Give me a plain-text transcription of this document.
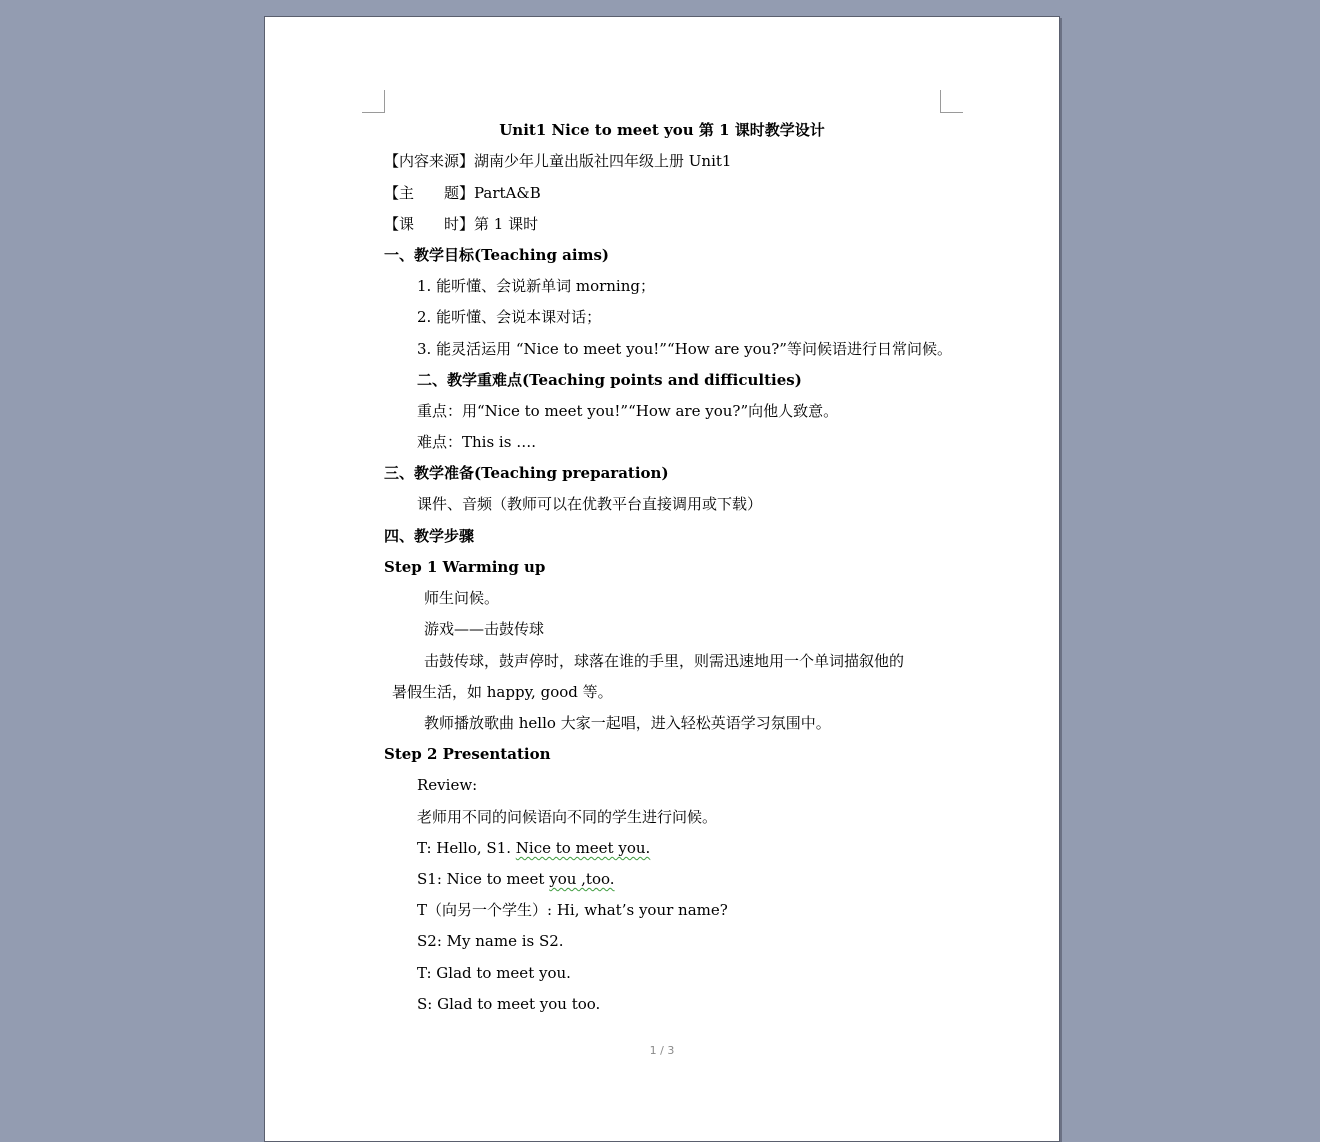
Unit1 Nice to meet you 第 1 课时教学设计
【内容来源】湖南少年儿童出版社四年级上册 Unit1
【主　　题】PartA&B
【课　　时】第 1 课时
一、教学目标(Teaching aims)
1. 能听懂、会说新单词 morning；
2. 能听懂、会说本课对话；
3. 能灵活运用 “Nice to meet you!”“How are you?”等问候语进行日常问候。
二、教学重难点(Teaching points and difficulties)
重点：用“Nice to meet you!”“How are you?”向他人致意。
难点：This is ….
三、教学准备(Teaching preparation)
课件、音频（教师可以在优教平台直接调用或下载）
四、教学步骤
Step 1 Warming up
师生问候。
游戏——击鼓传球
击鼓传球，鼓声停时，球落在谁的手里，则需迅速地用一个单词描叙他的
暑假生活，如 happy, good 等。
教师播放歌曲 hello 大家一起唱，进入轻松英语学习氛围中。
Step 2 Presentation
Review:
老师用不同的问候语向不同的学生进行问候。
T: Hello, S1. Nice to meet you.
S1: Nice to meet you ,too.
T（向另一个学生）: Hi, what’s your name?
S2: My name is S2.
T: Glad to meet you.
S: Glad to meet you too.
1 / 3
